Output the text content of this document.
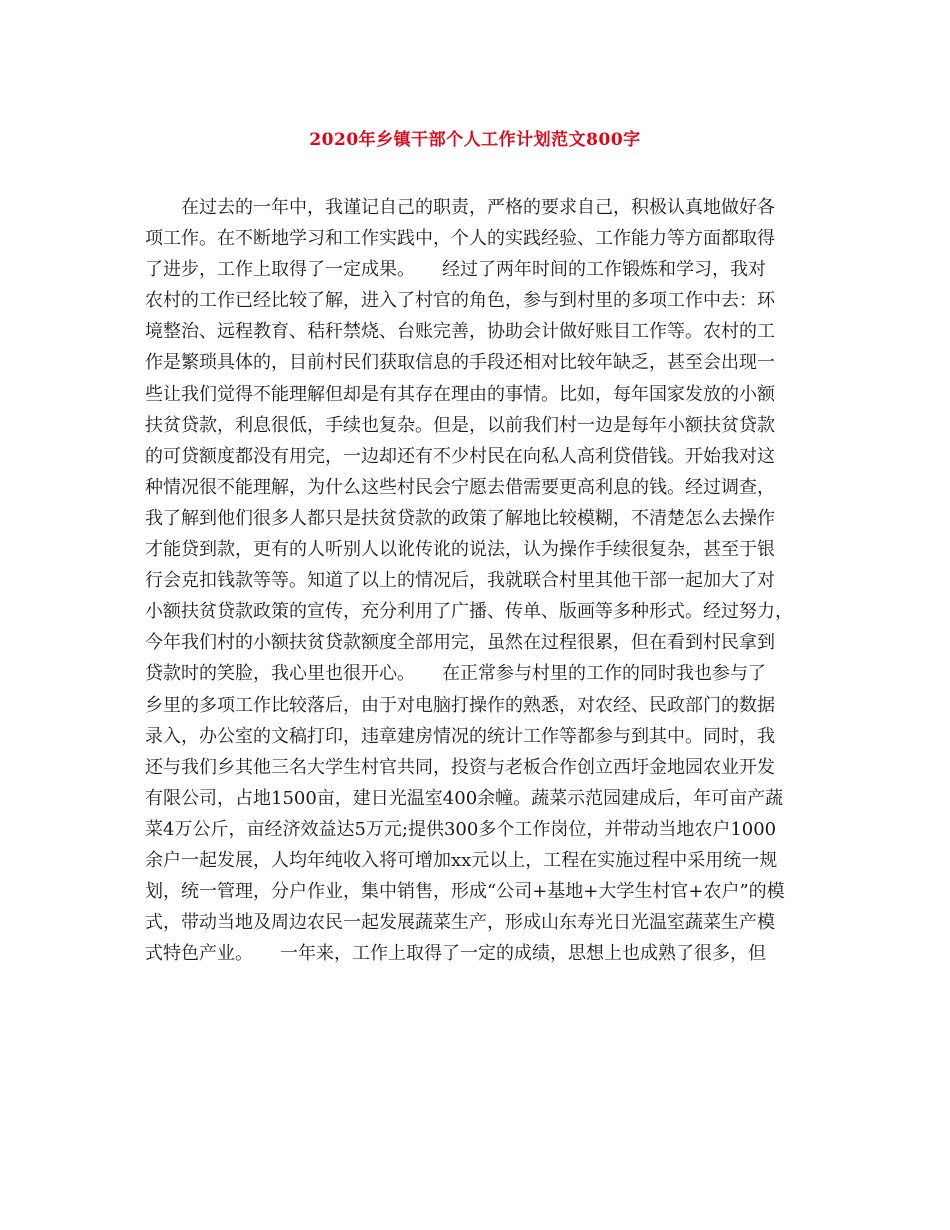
2020年乡镇干部个人工作计划范文800字
　　在过去的一年中，我谨记自己的职责，严格的要求自己，积极认真地做好各
项工作。在不断地学习和工作实践中，个人的实践经验、工作能力等方面都取得
了进步，工作上取得了一定成果。　　经过了两年时间的工作锻炼和学习，我对
农村的工作已经比较了解，进入了村官的角色，参与到村里的多项工作中去：环
境整治、远程教育、秸秆禁烧、台账完善，协助会计做好账目工作等。农村的工
作是繁琐具体的，目前村民们获取信息的手段还相对比较年缺乏，甚至会出现一
些让我们觉得不能理解但却是有其存在理由的事情。比如，每年国家发放的小额
扶贫贷款，利息很低，手续也复杂。但是，以前我们村一边是每年小额扶贫贷款
的可贷额度都没有用完，一边却还有不少村民在向私人高利贷借钱。开始我对这
种情况很不能理解，为什么这些村民会宁愿去借需要更高利息的钱。经过调查，
我了解到他们很多人都只是扶贫贷款的政策了解地比较模糊，不清楚怎么去操作
才能贷到款，更有的人听别人以讹传讹的说法，认为操作手续很复杂，甚至于银
行会克扣钱款等等。知道了以上的情况后，我就联合村里其他干部一起加大了对
小额扶贫贷款政策的宣传，充分利用了广播、传单、版画等多种形式。经过努力，
今年我们村的小额扶贫贷款额度全部用完，虽然在过程很累，但在看到村民拿到
贷款时的笑脸，我心里也很开心。　　在正常参与村里的工作的同时我也参与了
乡里的多项工作比较落后，由于对电脑打操作的熟悉，对农经、民政部门的数据
录入，办公室的文稿打印，违章建房情况的统计工作等都参与到其中。同时，我
还与我们乡其他三名大学生村官共同，投资与老板合作创立西圩金地园农业开发
有限公司，占地1500亩，建日光温室400余幢。蔬菜示范园建成后，年可亩产蔬
菜4万公斤，亩经济效益达5万元;提供300多个工作岗位，并带动当地农户1000
余户一起发展，人均年纯收入将可增加xx元以上，工程在实施过程中采用统一规
划，统一管理，分户作业，集中销售，形成“公司+基地+大学生村官+农户”的模
式，带动当地及周边农民一起发展蔬菜生产，形成山东寿光日光温室蔬菜生产模
式特色产业。　　一年来，工作上取得了一定的成绩，思想上也成熟了很多，但
